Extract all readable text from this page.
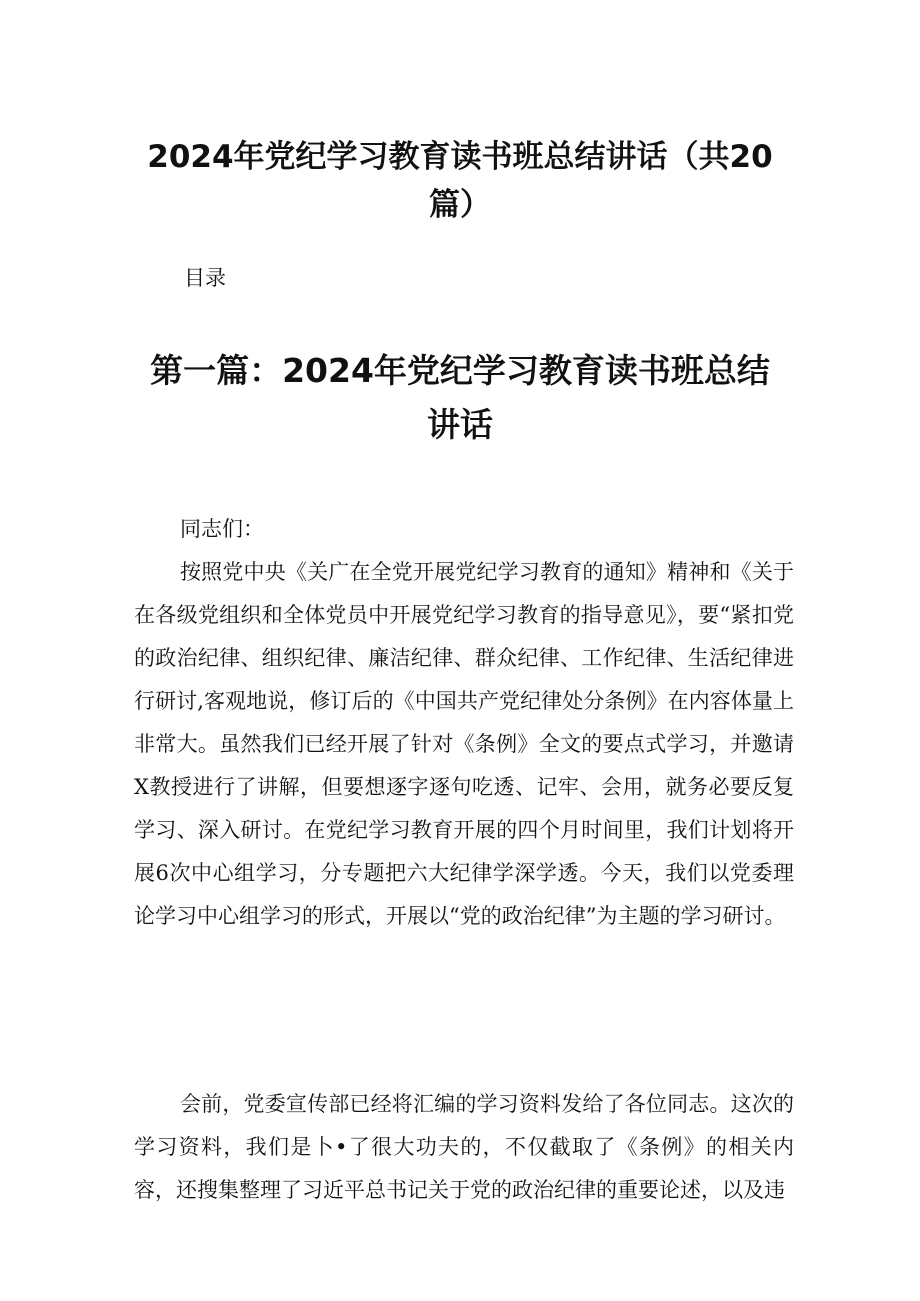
2024年党纪学习教育读书班总结讲话（共20篇）

目录

第一篇：2024年党纪学习教育读书班总结讲话

同志们：

按照党中央《关广在全党开展党纪学习教育的通知》精神和《关于在各级党组织和全体党员中开展党纪学习教育的指导意见》，要“紧扣党的政治纪律、组织纪律、廉洁纪律、群众纪律、工作纪律、生活纪律进行研讨,客观地说，修订后的《中国共产党纪律处分条例》在内容体量上非常大。虽然我们已经开展了针对《条例》全文的要点式学习，并邀请X教授进行了讲解，但要想逐字逐句吃透、记牢、会用，就务必要反复学习、深入研讨。在党纪学习教育开展的四个月时间里，我们计划将开展6次中心组学习，分专题把六大纪律学深学透。今天，我们以党委理论学习中心组学习的形式，开展以“党的政治纪律”为主题的学习研讨。

会前，党委宣传部已经将汇编的学习资料发给了各位同志。这次的学习资料，我们是卜•了很大功夫的，不仅截取了《条例》的相关内容，还搜集整理了习近平总书记关于党的政治纪律的重要论述，以及违
